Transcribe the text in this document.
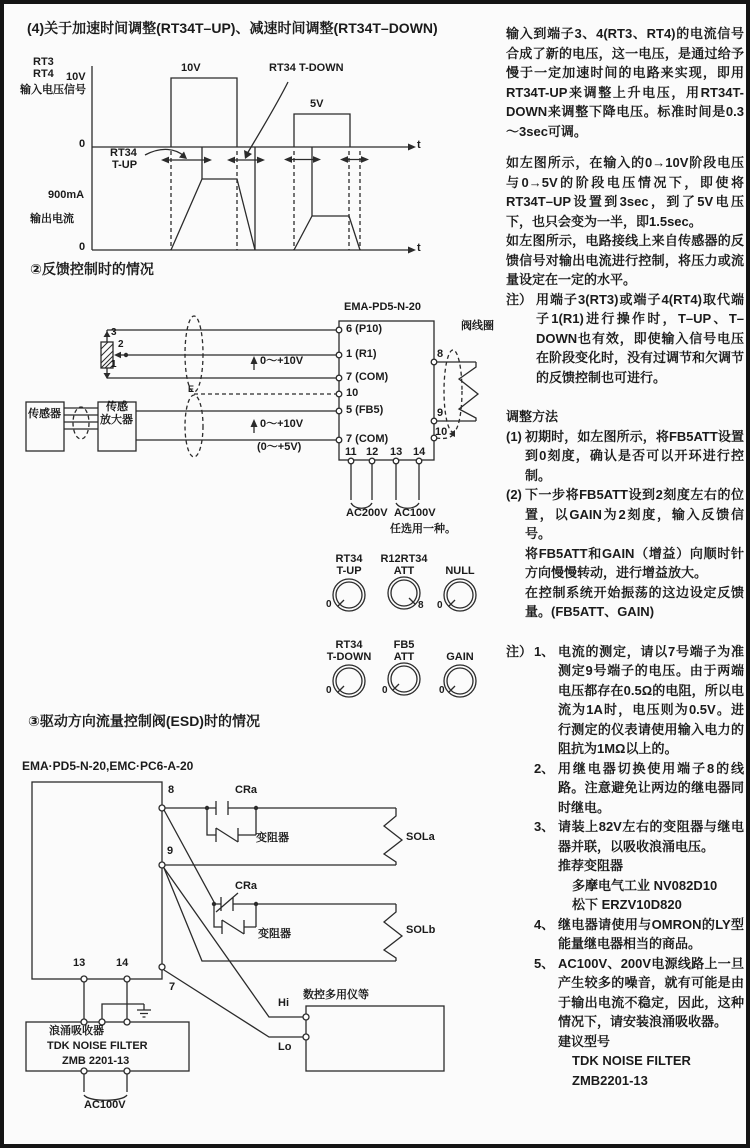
(4)关于加速时间调整(RT34T–UP)、减速时间调整(RT34T–DOWN)
②反馈控制时的情况
③驱动方向流量控制阀(ESD)时的情况
RT3
RT4 10V
输入电压信号
10V	RT34 T-DOWN
5V
0	t
RT34
T-UP
900mA
输出电流
0	t
EMA-PD5-N-20
阀线圈
3
2
1
6 (P10)
1 (R1)
7 (COM)
10
5 (FB5)
7 (COM)
11 12 13 14
8
9
10
0～+10V
0～+10V
(0～+5V)
传感器
传感
放大器
E
AC200V AC100V
任选用一种。
RT34
T-UP
R12RT34
ATT	NULL
0	8 0
RT34
T-DOWN
FB5
ATT	GAIN
0	0	0
EMA·PD5-N-20,EMC·PC6-A-20
8
9
CRa
变阻器	SOLa
CRa
变阻器	SOLb
13	14
7
浪涌吸收器
TDK NOISE FILTER
ZMB 2201-13
AC100V
Hi
Lo
数控多用仪等

输入到端子3、4(RT3、RT4)的电流信号合成了新的电压，这一电压，是通过给予慢于一定加速时间的电路来实现，即用RT34T-UP来调整上升电压，用RT34T-DOWN来调整下降电压。标准时间是0.3～3sec可调。

如左图所示，在输入的0→10V阶段电压与0→5V的阶段电压情况下，即使将RT34T–UP设置到3sec，到了5V电压下，也只会变为一半，即1.5sec。

如左图所示，电路接线上来自传感器的反馈信号对输出电流进行控制，将压力或流量设定在一定的水平。

注） 用端子3(RT3)或端子4(RT4)取代端子1(R1)进行操作时，T–UP、T–DOWN也有效，即使输入信号电压在阶段变化时，没有过调节和欠调节的反馈控制也可进行。

调整方法

(1) 初期时，如左图所示，将FB5ATT设置到0刻度，确认是否可以开环进行控制。
(2) 下一步将FB5ATT设到2刻度左右的位置，以GAIN为2刻度，输入反馈信号。
将FB5ATT和GAIN（增益）向顺时针方向慢慢转动，进行增益放大。
在控制系统开始振荡的这边设定反馈量。(FB5ATT、GAIN)
注） 1、 电流的测定，请以7号端子为准测定9号端子的电压。由于两端电压都存在0.5Ω的电阻，所以电流为1A时，电压则为0.5V。进行测定的仪表请使用输入电力的阻抗为1MΩ以上的。
2、 用继电器切换使用端子8的线路。注意避免让两边的继电器同时继电。
3、 请装上82V左右的变阻器与继电器并联，以吸收浪涌电压。
推荐变阻器
多摩电气工业 NV082D10
松下 ERZV10D820
4、 继电器请使用与OMRON的LY型能量继电器相当的商品。
5、 AC100V、200V电源线路上一旦产生较多的噪音，就有可能是由于输出电流不稳定，因此，这种情况下，请安装浪涌吸收器。
建议型号
TDK NOISE FILTER
ZMB2201-13
